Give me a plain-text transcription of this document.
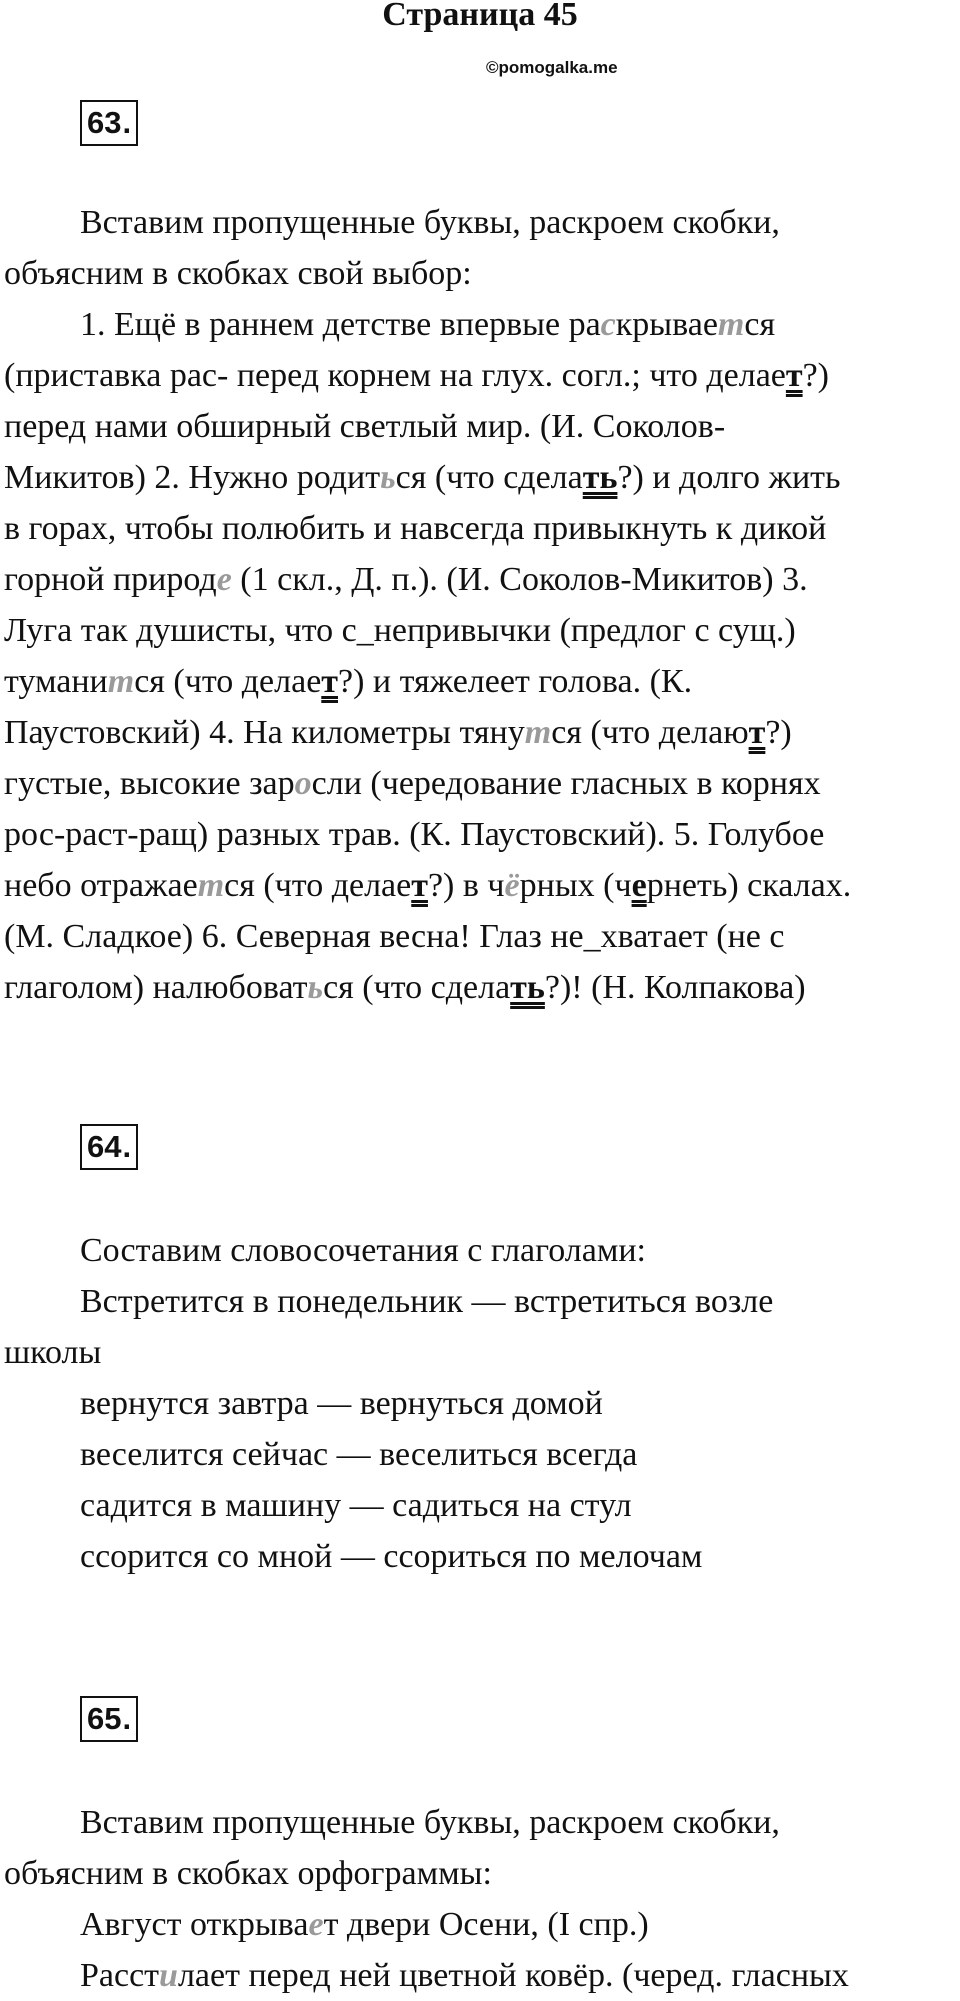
Страница 45
©pomogalka.me
63.
Вставим пропущенные буквы, раскроем скобки,
объясним в скобках свой выбор:
1. Ещё в раннем детстве впервые раскрываeтся
(приставка рас- перед корнем на глух. согл.; что делает?)
перед нами обширный светлый мир. (И. Соколов-
Микитов) 2. Нужно родиться (что сделать?) и долго жить
в горах, чтобы полюбить и навсегда привыкнуть к дикой
горной природе (1 скл., Д. п.). (И. Соколов-Микитов) 3.
Луга так душисты, что с_непривычки (предлог с сущ.)
туманится (что делает?) и тяжелеет голова. (К.
Паустовский) 4. На километры тянутся (что делают?)
густые, высокие заросли (чередование гласных в корнях
рос-раст-ращ) разных трав. (К. Паустовский). 5. Голубое
небо отражается (что делает?) в чёрных (чернеть) скалах.
(М. Сладкое) 6. Северная весна! Глаз не_хватает (не с
глаголом) налюбоваться (что сделать?)! (Н. Колпакова)
64.
Составим словосочетания с глаголами:
Встретится в понедельник — встретиться возле
школы
вернутся завтра — вернуться домой
веселится сейчас — веселиться всегда
садится в машину — садиться на стул
ссорится со мной — ссориться по мелочам
65.
Вставим пропущенные буквы, раскроем скобки,
объясним в скобках орфограммы:
Август открывает двери Осени, (I спр.)
Расстилает перед ней цветной ковёр. (черед. гласных
